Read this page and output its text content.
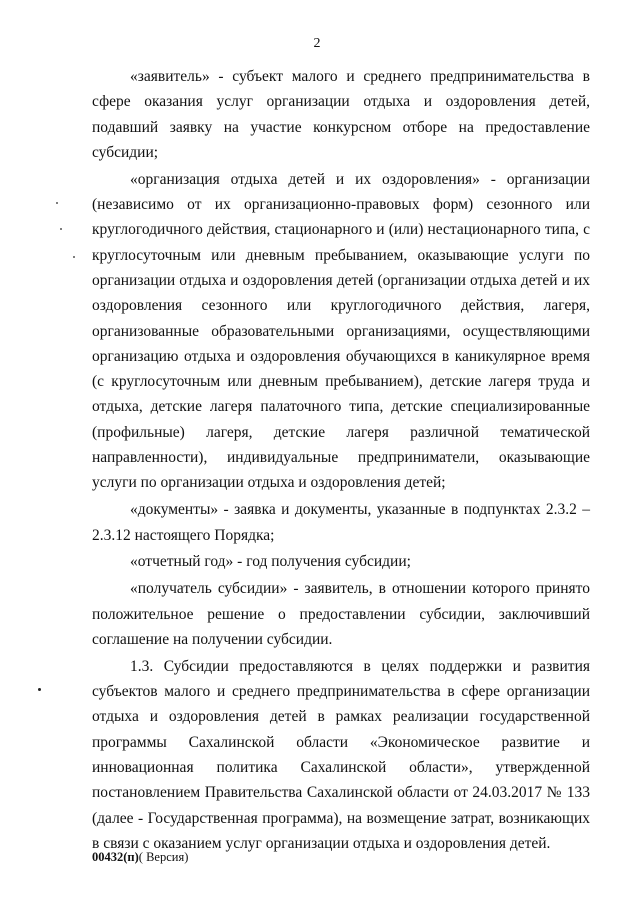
2

«заявитель» - субъект малого и среднего предпринимательства в сфере оказания услуг организации отдыха и оздоровления детей, подавший заявку на участие конкурсном отборе на предоставление субсидии;

«организация отдыха детей и их оздоровления» - организации (независимо от их организационно-правовых форм) сезонного или круглогодичного действия, стационарного и (или) нестационарного типа, с круглосуточным или дневным пребыванием, оказывающие услуги по организации отдыха и оздоровления детей (организации отдыха детей и их оздоровления сезонного или круглогодичного действия, лагеря, организованные образовательными организациями, осуществляющими организацию отдыха и оздоровления обучающихся в каникулярное время (с круглосуточным или дневным пребыванием), детские лагеря труда и отдыха, детские лагеря палаточного типа, детские специализированные (профильные) лагеря, детские лагеря различной тематической направленности), индивидуальные предприниматели, оказывающие услуги по организации отдыха и оздоровления детей;

«документы» - заявка и документы, указанные в подпунктах 2.3.2 – 2.3.12 настоящего Порядка;

«отчетный год» - год получения субсидии;

«получатель субсидии» - заявитель, в отношении которого принято положительное решение о предоставлении субсидии, заключивший соглашение на получении субсидии.

1.3. Субсидии предоставляются в целях поддержки и развития субъектов малого и среднего предпринимательства в сфере организации отдыха и оздоровления детей в рамках реализации государственной программы Сахалинской области «Экономическое развитие и инновационная политика Сахалинской области», утвержденной постановлением Правительства Сахалинской области от 24.03.2017 № 133 (далее - Государственная программа), на возмещение затрат, возникающих в связи с оказанием услуг организации отдыха и оздоровления детей.

00432(п)( Версия)
